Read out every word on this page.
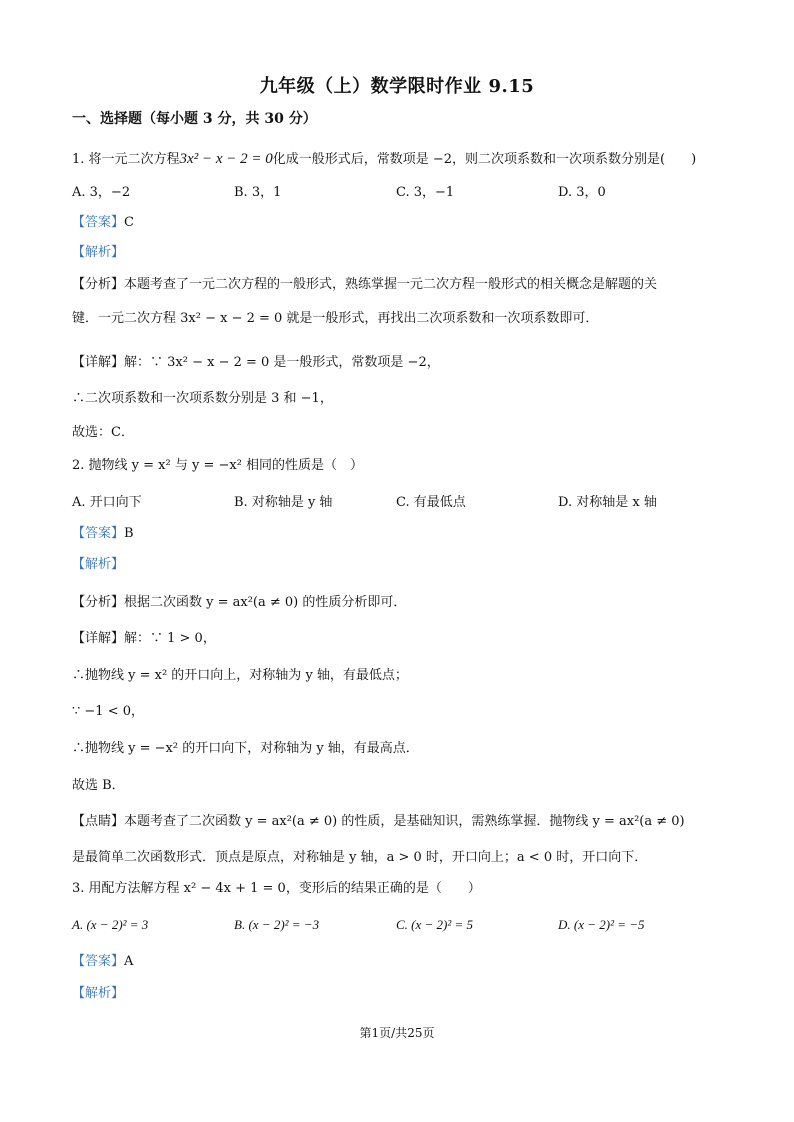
九年级（上）数学限时作业 9.15
一、选择题（每小题 3 分，共 30 分）
1. 将一元二次方程3x² − x − 2 = 0化成一般形式后，常数项是 −2，则二次项系数和一次项系数分别是(　　)
A. 3，−2	B. 3，1	C. 3，−1	D. 3，0
【答案】C
【解析】
【分析】本题考查了一元二次方程的一般形式，熟练掌握一元二次方程一般形式的相关概念是解题的关
键．一元二次方程 3x² − x − 2 = 0 就是一般形式，再找出二次项系数和一次项系数即可．
【详解】解：∵ 3x² − x − 2 = 0 是一般形式，常数项是 −2，
∴二次项系数和一次项系数分别是 3 和 −1，
故选：C．
2. 抛物线 y = x² 与 y = −x² 相同的性质是（　）
A. 开口向下	B. 对称轴是 y 轴	C. 有最低点	D. 对称轴是 x 轴
【答案】B
【解析】
【分析】根据二次函数 y = ax²(a ≠ 0) 的性质分析即可．
【详解】解：∵ 1 > 0，
∴抛物线 y = x² 的开口向上，对称轴为 y 轴，有最低点；
∵ −1 < 0，
∴抛物线 y = −x² 的开口向下，对称轴为 y 轴，有最高点．
故选 B．
【点睛】本题考查了二次函数 y = ax²(a ≠ 0) 的性质，是基础知识，需熟练掌握．抛物线 y = ax²(a ≠ 0)
是最简单二次函数形式．顶点是原点，对称轴是 y 轴，a > 0 时，开口向上；a < 0 时，开口向下．
3. 用配方法解方程 x² − 4x + 1 = 0，变形后的结果正确的是（　　）
A. (x − 2)² = 3	B. (x − 2)² = −3	C. (x − 2)² = 5	D. (x − 2)² = −5
【答案】A
【解析】
第1页/共25页
